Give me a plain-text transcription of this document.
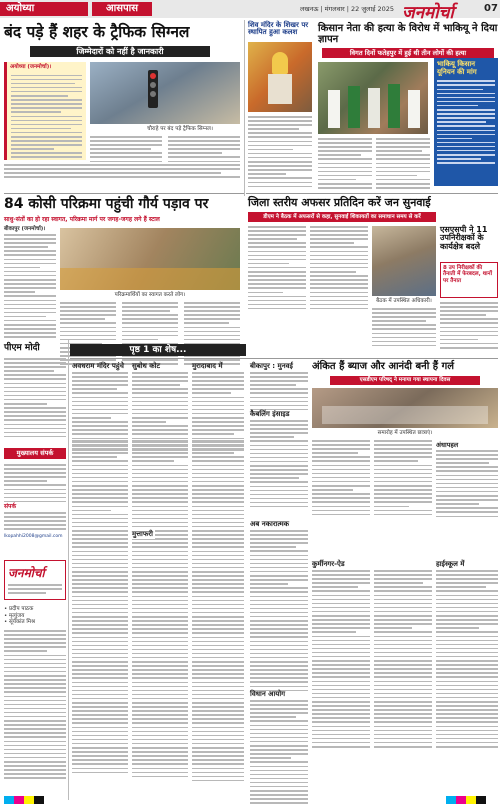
अयोध्या	आसपास	लखनऊ | मंगलवार | 22 जुलाई 2025 जनमोर्चा	07
बंद पड़े हैं शहर के ट्रैफिक सिग्नल
जिम्मेदारों को नहीं है जानकारी
अयोध्या (जनमोर्चा)।
चौराहे पर बंद पड़े ट्रैफिक सिग्नल।
शिव मंदिर के शिखर पर स्थापित हुआ कलश	किसान नेता की हत्या के विरोध में भाकियू ने दिया ज्ञापन
विगत दिनों फतेहपुर में हुई थी तीन लोगों की हत्या
भाकियू किसान यूनियन की मांग
84 कोसी परिक्रमा पहुंची गौर्य पड़ाव पर
साधु-संतों का हो रहा स्वागत, परिक्रमा मार्ग पर जगह-जगह लगे हैं स्टाल
बीकापुर (जनमोर्चा)।
परिक्रमार्थियों का स्वागत करते लोग।
जिला स्तरीय अफसर प्रतिदिन करें जन सुनवाई
डीएम ने बैठक में अफसरों से कहा, सुनवाई शिकायतों का समाधान समय से करें
बैठक में उपस्थित अधिकारी।
एसएसपी ने 11 उपनिरीक्षकों के कार्यक्षेत्र बदले
8 उप निरीक्षकों की तैनाती में फेरबदल, थानों पर तैनात
पृष्ठ 1 का शेष...
अवधराम मंदिर पहुंचे सुबोध कोट	मुरादाबाद में	बीकापुर : मुनवई
कैबलिंग इंसाइड
अंकित हैं ब्याज और आनंदी बनी हैं गर्ल
एसडीएम परिषद् ने मनाया गया स्थापना दिवस
समारोह में उपस्थित छात्राएं।
अंधापहल
अब नकारात्मक
विधान आयोग
कुर्मीनगर-ऐड	हाईस्कूल में
मुत्ताफरी
पीएम मोदी
मुख्यालय संपर्क
संपर्क
lkopahhi2008@gmail.com
जनमोर्चा
• प्रदीप पाठक
• मृत्युंजय
• सूर्यकांत मिश्र
